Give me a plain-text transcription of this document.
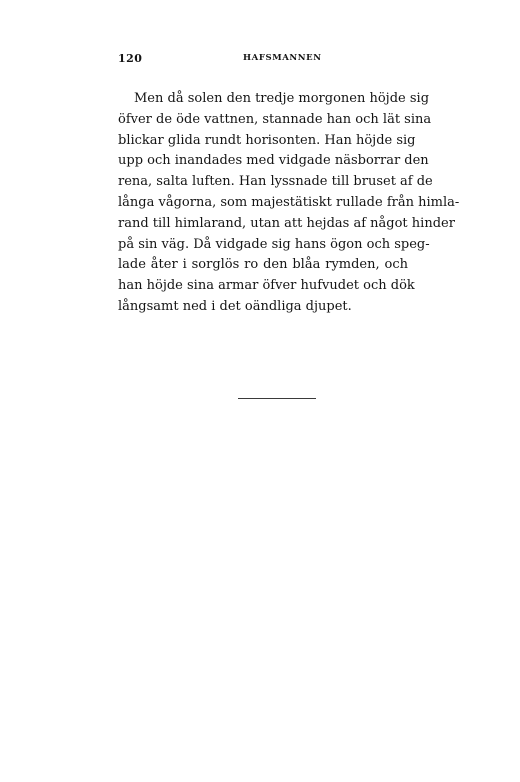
120	HAFSMANNEN
Men då solen den tredje morgonen höjde sig
öfver de öde vattnen, stannade han och lät sina
blickar glida rundt horisonten. Han höjde sig
upp och inandades med vidgade näsborrar den
rena, salta luften. Han lyssnade till bruset af de
långa vågorna, som majestätiskt rullade från himla-
rand till himlarand, utan att hejdas af något hinder
på sin väg. Då vidgade sig hans ögon och speg-
lade åter i sorglös ro den blåa rymden, och
han höjde sina armar öfver hufvudet och dök
långsamt ned i det oändliga djupet.
